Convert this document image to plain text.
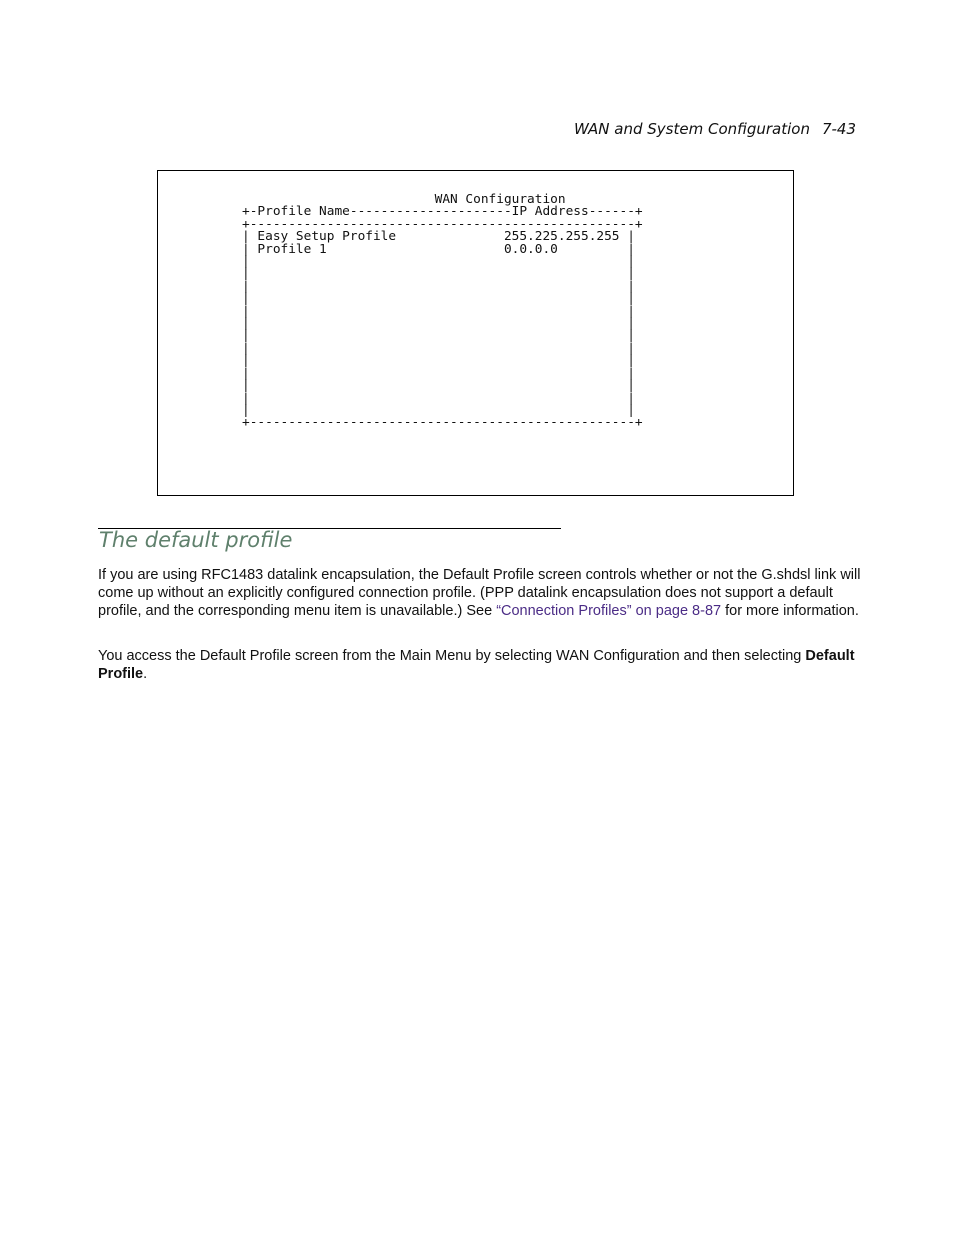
WAN and System Configuration 7-43
WAN Configuration
+-Profile Name---------------------IP Address------+
+--------------------------------------------------+
| Easy Setup Profile              255.225.255.255 |
| Profile 1                       0.0.0.0         |
|                                                 |
|                                                 |
|                                                 |
|                                                 |
|                                                 |
|                                                 |
|                                                 |
|                                                 |
|                                                 |
|                                                 |
|                                                 |
|                                                 |
|                                                 |
+--------------------------------------------------+
The default profile

If you are using RFC1483 datalink encapsulation, the Default Profile screen controls whether or not the G.shdsl link will come up without an explicitly configured connection profile. (PPP datalink encapsulation does not support a default profile, and the corresponding menu item is unavailable.) See “Connection Profiles” on page 8-87 for more information.

You access the Default Profile screen from the Main Menu by selecting WAN Configuration and then selecting Default Profile.
